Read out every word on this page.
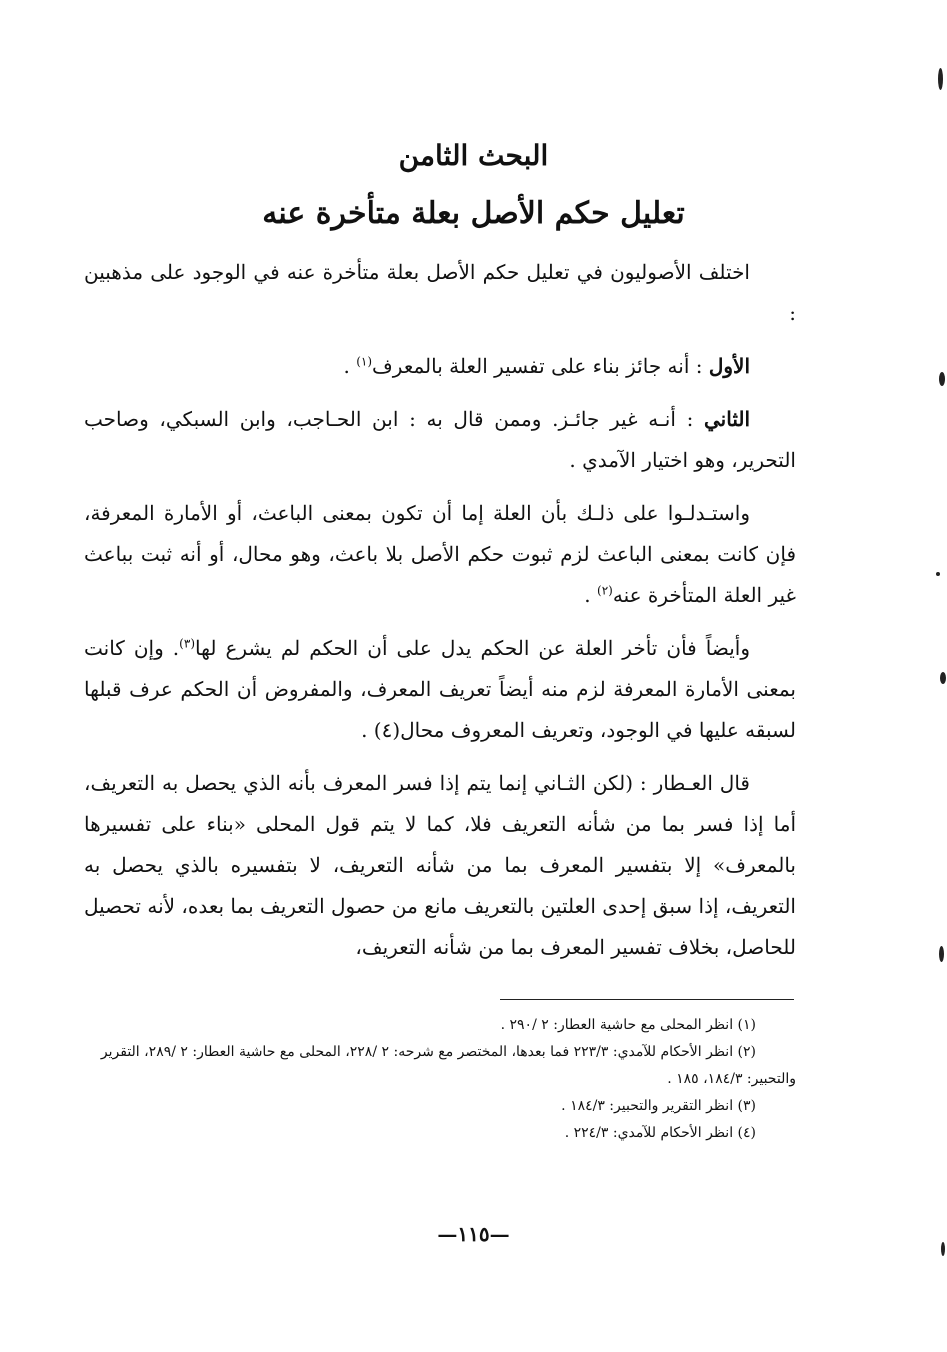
البحث الثامن
تعليل حكم الأصل بعلة متأخرة عنه

اختلف الأصوليون في تعليل حكم الأصل بعلة متأخرة عنه في الوجود على مذهبين :

الأول : أنه جائز بناء على تفسير العلة بالمعرف$^{(١)}$ .

الثاني : أنـه غير جائـز. وممن قال به : ابن الحـاجب، وابن السبكي، وصاحب التحرير، وهو اختيار الآمدي .

واستـدلـوا على ذلـك بأن العلة إما أن تكون بمعنى الباعث، أو الأمارة المعرفة، فإن كانت بمعنى الباعث لزم ثبوت حكم الأصل بلا باعث، وهو محال، أو أنه ثبت بباعث غير العلة المتأخرة عنه$^{(٢)}$ .

وأيضاً فأن تأخر العلة عن الحكم يدل على أن الحكم لم يشرع لها$^{(٣)}$. وإن كانت بمعنى الأمارة المعرفة لزم منه أيضاً تعريف المعرف، والمفروض أن الحكم عرف قبلها لسبقه عليها في الوجود، وتعريف المعروف محال(٤) .

قال العـطار : (لكن الثـاني إنما يتم إذا فسر المعرف بأنه الذي يحصل به التعريف، أما إذا فسر بما من شأنه التعريف فلا، كما لا يتم قول المحلى «بناء على تفسيرها بالمعرف» إلا بتفسير المعرف بما من شأنه التعريف، لا بتفسيره بالذي يحصل به التعريف، إذا سبق إحدى العلتين بالتعريف مانع من حصول التعريف بما بعده، لأنه تحصيل للحاصل، بخلاف تفسير المعرف بما من شأنه التعريف،

(١) انظر المحلى مع حاشية العطار: ٢ /٢٩٠ .
(٢) انظر الأحكام للآمدي: ٢٢٣/٣ فما بعدها، المختصر مع شرحه: ٢ /٢٢٨، المحلى مع حاشية العطار: ٢ /٢٨٩، التقرير والتحبير: ١٨٤/٣، ١٨٥ .
(٣) انظر التقرير والتحبير: ١٨٤/٣ .
(٤) انظر الأحكام للآمدي: ٢٢٤/٣ .
—١١٥—
